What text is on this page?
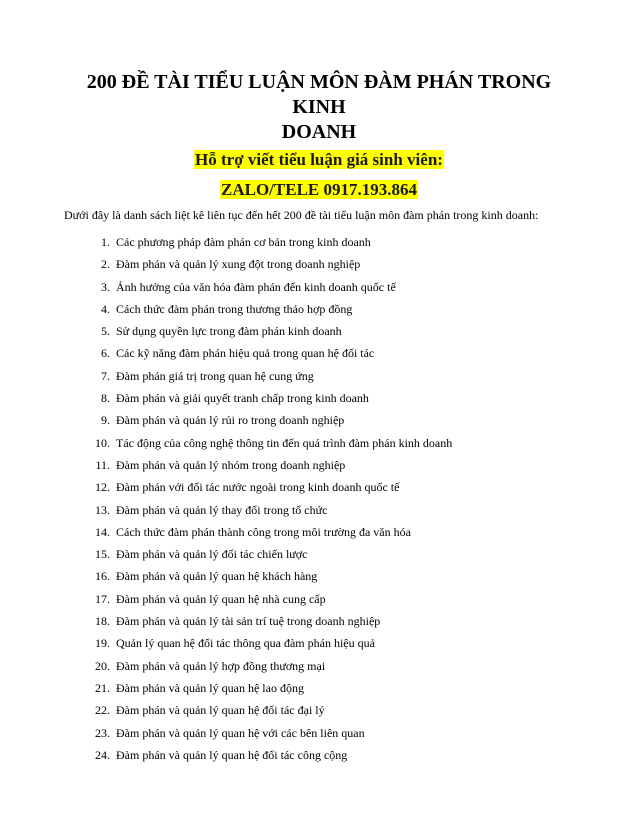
200 ĐỀ TÀI TIỂU LUẬN MÔN ĐÀM PHÁN TRONG KINH
DOANH
Hỗ trợ viết tiểu luận giá sinh viên:
ZALO/TELE 0917.193.864
Dưới đây là danh sách liệt kê liên tục đến hết 200 đề tài tiểu luận môn đàm phán trong kinh doanh:
1. Các phương pháp đàm phán cơ bản trong kinh doanh
2. Đàm phán và quản lý xung đột trong doanh nghiệp
3. Ảnh hưởng của văn hóa đàm phán đến kinh doanh quốc tế
4. Cách thức đàm phán trong thương thảo hợp đồng
5. Sử dụng quyền lực trong đàm phán kinh doanh
6. Các kỹ năng đàm phán hiệu quả trong quan hệ đối tác
7. Đàm phán giá trị trong quan hệ cung ứng
8. Đàm phán và giải quyết tranh chấp trong kinh doanh
9. Đàm phán và quản lý rủi ro trong doanh nghiệp
10. Tác động của công nghệ thông tin đến quá trình đàm phán kinh doanh
11. Đàm phán và quản lý nhóm trong doanh nghiệp
12. Đàm phán với đối tác nước ngoài trong kinh doanh quốc tế
13. Đàm phán và quản lý thay đổi trong tổ chức
14. Cách thức đàm phán thành công trong môi trường đa văn hóa
15. Đàm phán và quản lý đối tác chiến lược
16. Đàm phán và quản lý quan hệ khách hàng
17. Đàm phán và quản lý quan hệ nhà cung cấp
18. Đàm phán và quản lý tài sản trí tuệ trong doanh nghiệp
19. Quản lý quan hệ đối tác thông qua đàm phán hiệu quả
20. Đàm phán và quản lý hợp đồng thương mại
21. Đàm phán và quản lý quan hệ lao động
22. Đàm phán và quản lý quan hệ đối tác đại lý
23. Đàm phán và quản lý quan hệ với các bên liên quan
24. Đàm phán và quản lý quan hệ đối tác công cộng
